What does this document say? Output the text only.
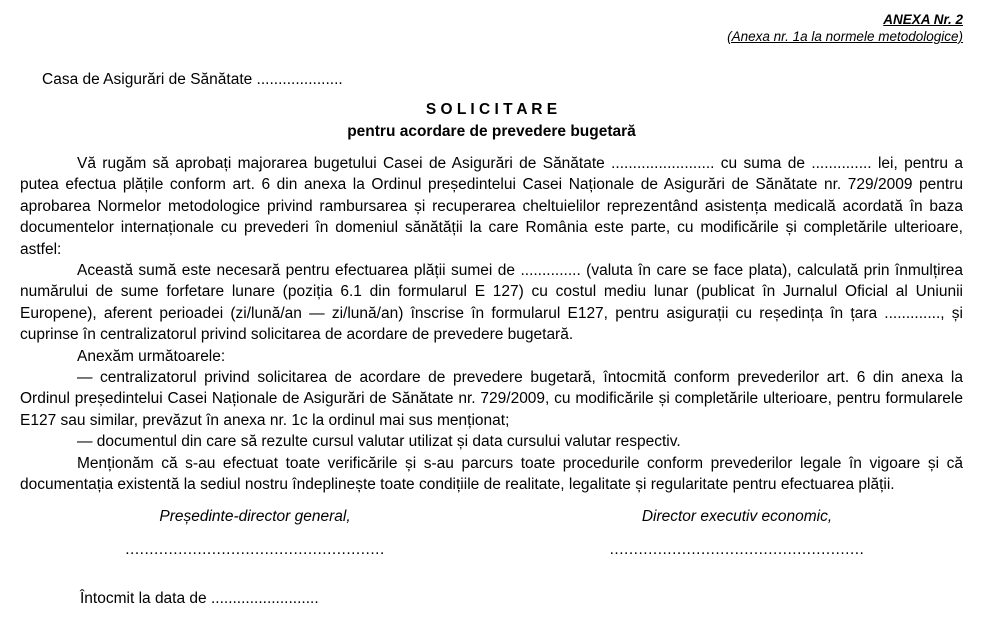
ANEXA Nr. 2
(Anexa nr. 1a la normele metodologice)
Casa de Asigurări de Sănătate ....................
S O L I C I T A R E
pentru acordare de prevedere bugetară

Vă rugăm să aprobați majorarea bugetului Casei de Asigurări de Sănătate ........................ cu suma de .............. lei, pentru a putea efectua plățile conform art. 6 din anexa la Ordinul președintelui Casei Naționale de Asigurări de Sănătate nr. 729/2009 pentru aprobarea Normelor metodologice privind rambursarea și recuperarea cheltuielilor reprezentând asistența medicală acordată în baza documentelor internaționale cu prevederi în domeniul sănătății la care România este parte, cu modificările și completările ulterioare, astfel:

Această sumă este necesară pentru efectuarea plății sumei de .............. (valuta în care se face plata), calculată prin înmulțirea numărului de sume forfetare lunare (poziția 6.1 din formularul E 127) cu costul mediu lunar (publicat în Jurnalul Oficial al Uniunii Europene), aferent perioadei (zi/lună/an — zi/lună/an) înscrise în formularul E127, pentru asigurații cu reședința în țara ............., și cuprinse în centralizatorul privind solicitarea de acordare de prevedere bugetară.

Anexăm următoarele:

— centralizatorul privind solicitarea de acordare de prevedere bugetară, întocmită conform prevederilor art. 6 din anexa la Ordinul președintelui Casei Naționale de Asigurări de Sănătate nr. 729/2009, cu modificările și completările ulterioare, pentru formularele E127 sau similar, prevăzut în anexa nr. 1c la ordinul mai sus menționat;

— documentul din care să rezulte cursul valutar utilizat și data cursului valutar respectiv.

Menționăm că s-au efectuat toate verificările și s-au parcurs toate procedurile conform prevederilor legale în vigoare și că documentația existentă la sediul nostru îndeplinește toate condițiile de realitate, legalitate și regularitate pentru efectuarea plății.

Președinte-director general,
......................................................
Director executiv economic,
.....................................................
Întocmit la data de .........................
